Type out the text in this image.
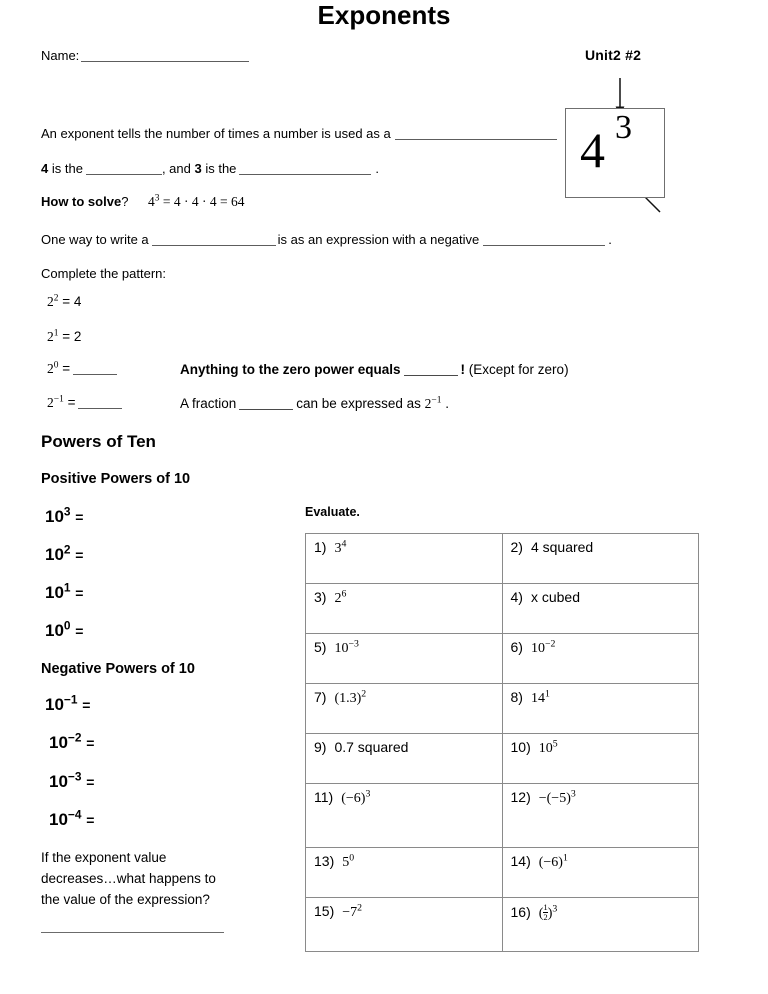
Name:	Unit2 #2
Exponents
4 3
An exponent tells the number of times a number is used as a
4 is the	, and 3 is the	.
How to solve? $4^3 = 4 \cdot 4 \cdot 4 = 64$
One way to write a	is as an expression with a negative	.
Complete the pattern:
$2^2 = 4$
$2^1 = 2$
$2^0$ =
$2^{-1}$ =
Anything to the zero power equals	! (Except for zero)
A fraction	can be expressed as $2^{-1}$ .
Powers of Ten
Positive Powers of 10
$10^3$ =
$10^2$ =
$10^1$ =
$10^0$ =
Negative Powers of 10
$10^{-1}$ =
$10^{-2}$ =
$10^{-3}$ =
$10^{-4}$ =
If the exponent value decreases…what happens to the value of the expression?
Evaluate.
1) $3^4$	2) 4 squared
3) $2^6$	4) x cubed
5) $10^{-3}$	6) $10^{-2}$
7) $(1.3)^2$	8) $14^1$
9) 0.7 squared	10) $10^5$
11) $(-6)^3$	$12) -(-5)^3$
13) $5^0$	14) $(-6)^1$
$15) -7^2$	16) ( $\frac{1}{2} )^3$
